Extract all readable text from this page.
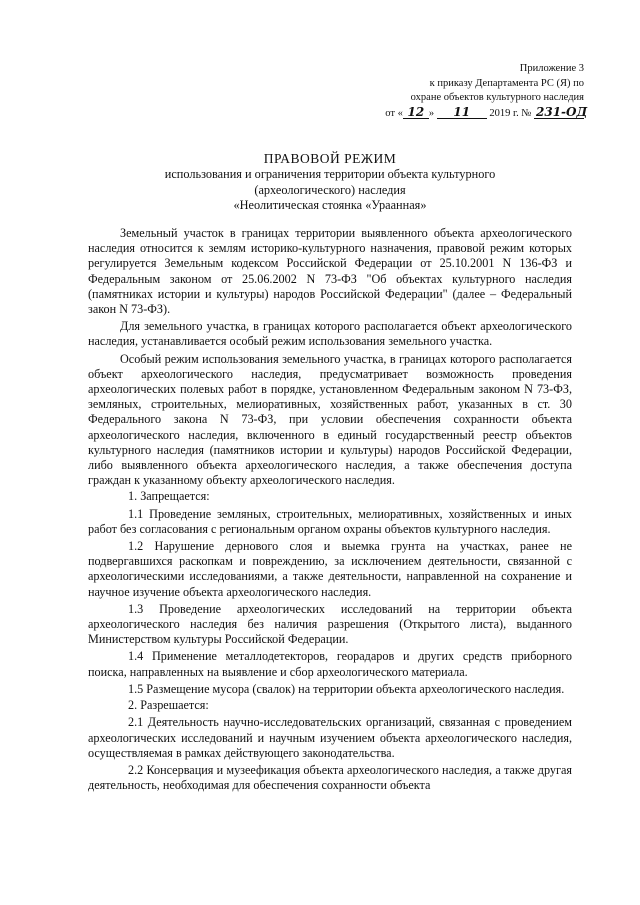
Приложение 3
к приказу Департамента РС (Я) по
охране объектов культурного наследия
от « 12 » 11 2019 г. № 231-ОД
ПРАВОВОЙ РЕЖИМ
использования и ограничения территории объекта культурного
(археологического) наследия
«Неолитическая стоянка «Ураанная»

Земельный участок в границах территории выявленного объекта археологического наследия относится к землям историко-культурного назначения, правовой режим которых регулируется Земельным кодексом Российской Федерации от 25.10.2001 N 136-ФЗ и Федеральным законом от 25.06.2002 N 73-ФЗ "Об объектах культурного наследия (памятниках истории и культуры) народов Российской Федерации" (далее – Федеральный закон N 73-ФЗ).

Для земельного участка, в границах которого располагается объект археологического наследия, устанавливается особый режим использования земельного участка.

Особый режим использования земельного участка, в границах которого располагается объект археологического наследия, предусматривает возможность проведения археологических полевых работ в порядке, установленном Федеральным законом N 73-ФЗ, земляных, строительных, мелиоративных, хозяйственных работ, указанных в ст. 30 Федерального закона N 73-ФЗ, при условии обеспечения сохранности объекта археологического наследия, включенного в единый государственный реестр объектов культурного наследия (памятников истории и культуры) народов Российской Федерации, либо выявленного объекта археологического наследия, а также обеспечения доступа граждан к указанному объекту археологического наследия.

1. Запрещается:

1.1 Проведение земляных, строительных, мелиоративных, хозяйственных и иных работ без согласования с региональным органом охраны объектов культурного наследия.

1.2 Нарушение дернового слоя и выемка грунта на участках, ранее не подвергавшихся раскопкам и повреждению, за исключением деятельности, связанной с археологическими исследованиями, а также деятельности, направленной на сохранение и научное изучение объекта археологического наследия.

1.3 Проведение археологических исследований на территории объекта археологического наследия без наличия разрешения (Открытого листа), выданного Министерством культуры Российской Федерации.

1.4 Применение металлодетекторов, георадаров и других средств приборного поиска, направленных на выявление и сбор археологического материала.

1.5 Размещение мусора (свалок) на территории объекта археологического наследия.

2. Разрешается:

2.1 Деятельность научно-исследовательских организаций, связанная с проведением археологических исследований и научным изучением объекта археологического наследия, осуществляемая в рамках действующего законодательства.

2.2 Консервация и музеефикация объекта археологического наследия, а также другая деятельность, необходимая для обеспечения сохранности объекта
